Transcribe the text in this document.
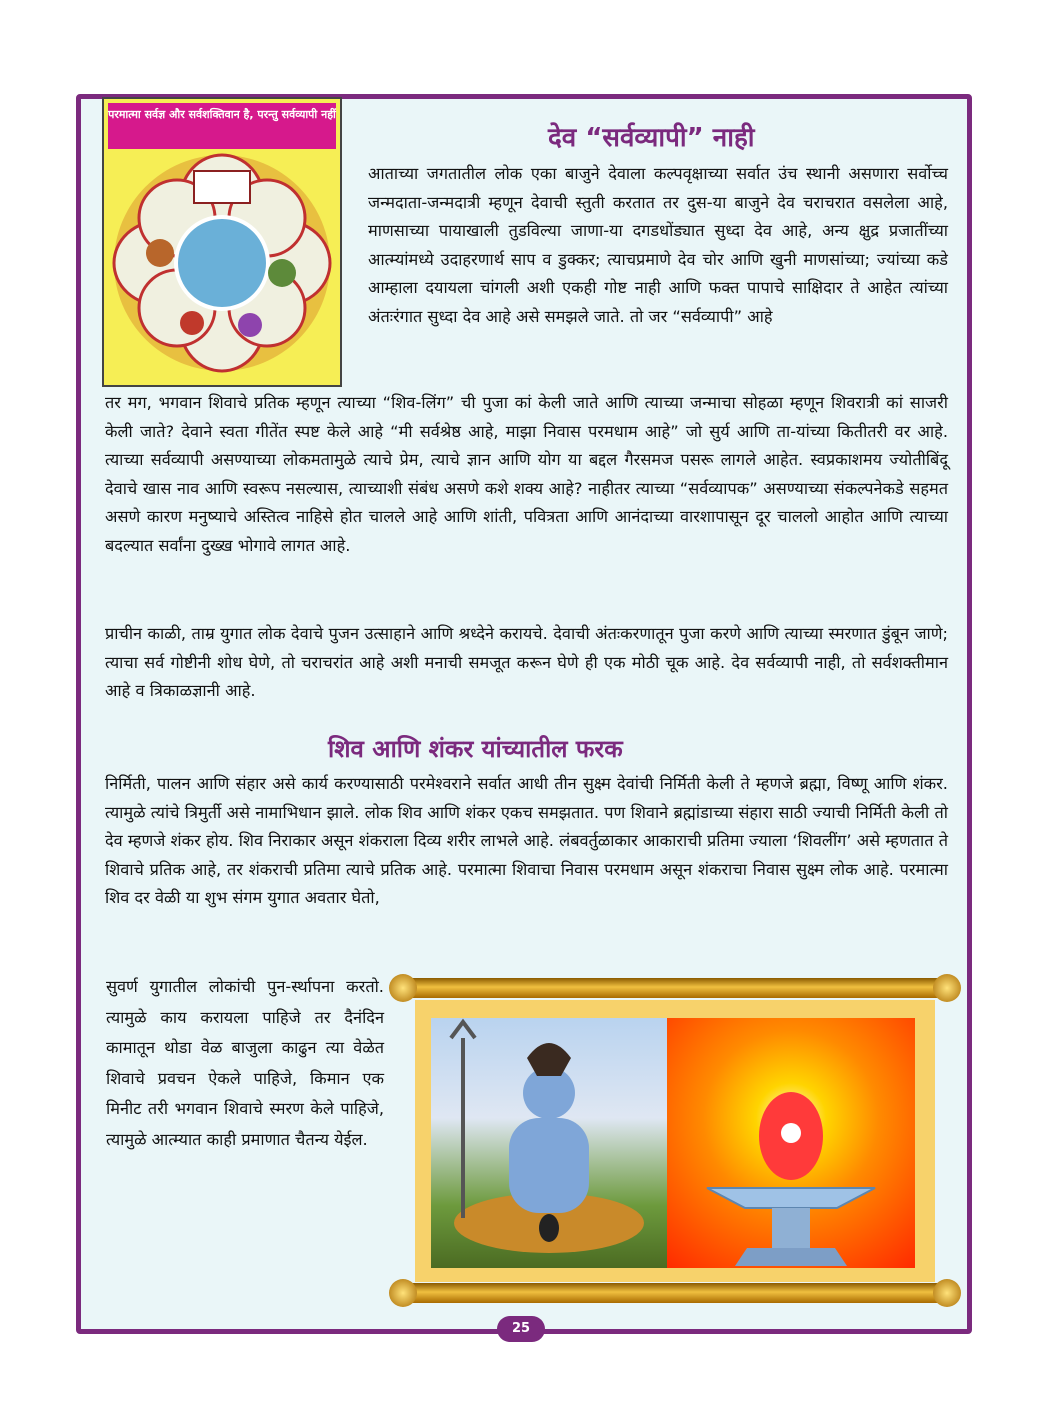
परमात्मा सर्वज्ञ और सर्वशक्तिवान है, परन्तु सर्वव्यापी नहीं
देव “सर्वव्यापी” नाही

आताच्या जगतातील लोक एका बाजुने देवाला कल्पवृक्षाच्या सर्वात उंच स्थानी असणारा सर्वोच्च जन्मदाता-जन्मदात्री म्हणून देवाची स्तुती करतात तर दुस-या बाजुने देव चराचरात वसलेला आहे, माणसाच्या पायाखाली तुडविल्या जाणा-या दगडधोंड्यात सुध्दा देव आहे, अन्य क्षुद्र प्रजातींच्या आत्म्यांमध्ये उदाहरणार्थ साप व डुक्कर; त्याचप्रमाणे देव चोर आणि खुनी माणसांच्या; ज्यांच्या कडे आम्हाला दयायला चांगली अशी एकही गोष्ट नाही आणि फक्त पापाचे साक्षिदार ते आहेत त्यांच्या अंतःरंगात सुध्दा देव आहे असे समझले जाते. तो जर “सर्वव्यापी” आहे

तर मग, भगवान शिवाचे प्रतिक म्हणून त्याच्या “शिव-लिंग” ची पुजा कां केली जाते आणि त्याच्या जन्माचा सोहळा म्हणून शिवरात्री कां साजरी केली जाते? देवाने स्वता गीतेंत स्पष्ट केले आहे “मी सर्वश्रेष्ठ आहे, माझा निवास परमधाम आहे” जो सुर्य आणि ता-यांच्या कितीतरी वर आहे. त्याच्या सर्वव्यापी असण्याच्या लोकमतामुळे त्याचे प्रेम, त्याचे ज्ञान आणि योग या बद्दल गैरसमज पसरू लागले आहेत. स्वप्रकाशमय ज्योतीबिंदू देवाचे खास नाव आणि स्वरूप नसल्यास, त्याच्याशी संबंध असणे कशे शक्य आहे? नाहीतर त्याच्या “सर्वव्यापक” असण्याच्या संकल्पनेकडे सहमत असणे कारण मनुष्याचे अस्तित्व नाहिसे होत चालले आहे आणि शांती, पवित्रता आणि आनंदाच्या वारशापासून दूर चाललो आहोत आणि त्याच्या बदल्यात सर्वांना दुख्ख भोगावे लागत आहे.

प्राचीन काळी, ताम्र युगात लोक देवाचे पुजन उत्साहाने आणि श्रध्देने करायचे. देवाची अंतःकरणातून पुजा करणे आणि त्याच्या स्मरणात डुंबून जाणे; त्याचा सर्व गोष्टीनी शोध घेणे, तो चराचरांत आहे अशी मनाची समजूत करून घेणे ही एक मोठी चूक आहे. देव सर्वव्यापी नाही, तो सर्वशक्तीमान आहे व त्रिकाळज्ञानी आहे.

शिव आणि शंकर यांच्यातील फरक

निर्मिती, पालन आणि संहार असे कार्य करण्यासाठी परमेश्वराने सर्वात आधी तीन सुक्ष्म देवांची निर्मिती केली ते म्हणजे ब्रह्मा, विष्णू आणि शंकर. त्यामुळे त्यांचे त्रिमुर्ती असे नामाभिधान झाले. लोक शिव आणि शंकर एकच समझतात. पण शिवाने ब्रह्मांडाच्या संहारा साठी ज्याची निर्मिती केली तो देव म्हणजे शंकर होय. शिव निराकार असून शंकराला दिव्य शरीर लाभले आहे. लंबवर्तुळाकार आकाराची प्रतिमा ज्याला ‘शिवलींग’ असे म्हणतात ते शिवाचे प्रतिक आहे, तर शंकराची प्रतिमा त्याचे प्रतिक आहे. परमात्मा शिवाचा निवास परमधाम असून शंकराचा निवास सुक्ष्म लोक आहे. परमात्मा शिव दर वेळी या शुभ संगम युगात अवतार घेतो,

सुवर्ण युगातील लोकांची पुन-र्स्थापना करतो. त्यामुळे काय करायला पाहिजे तर दैनंदिन कामातून थोडा वेळ बाजुला काढुन त्या वेळेत शिवाचे प्रवचन ऐकले पाहिजे, किमान एक मिनीट तरी भगवान शिवाचे स्मरण केले पाहिजे, त्यामुळे आत्म्यात काही प्रमाणात चैतन्य येईल.

25
